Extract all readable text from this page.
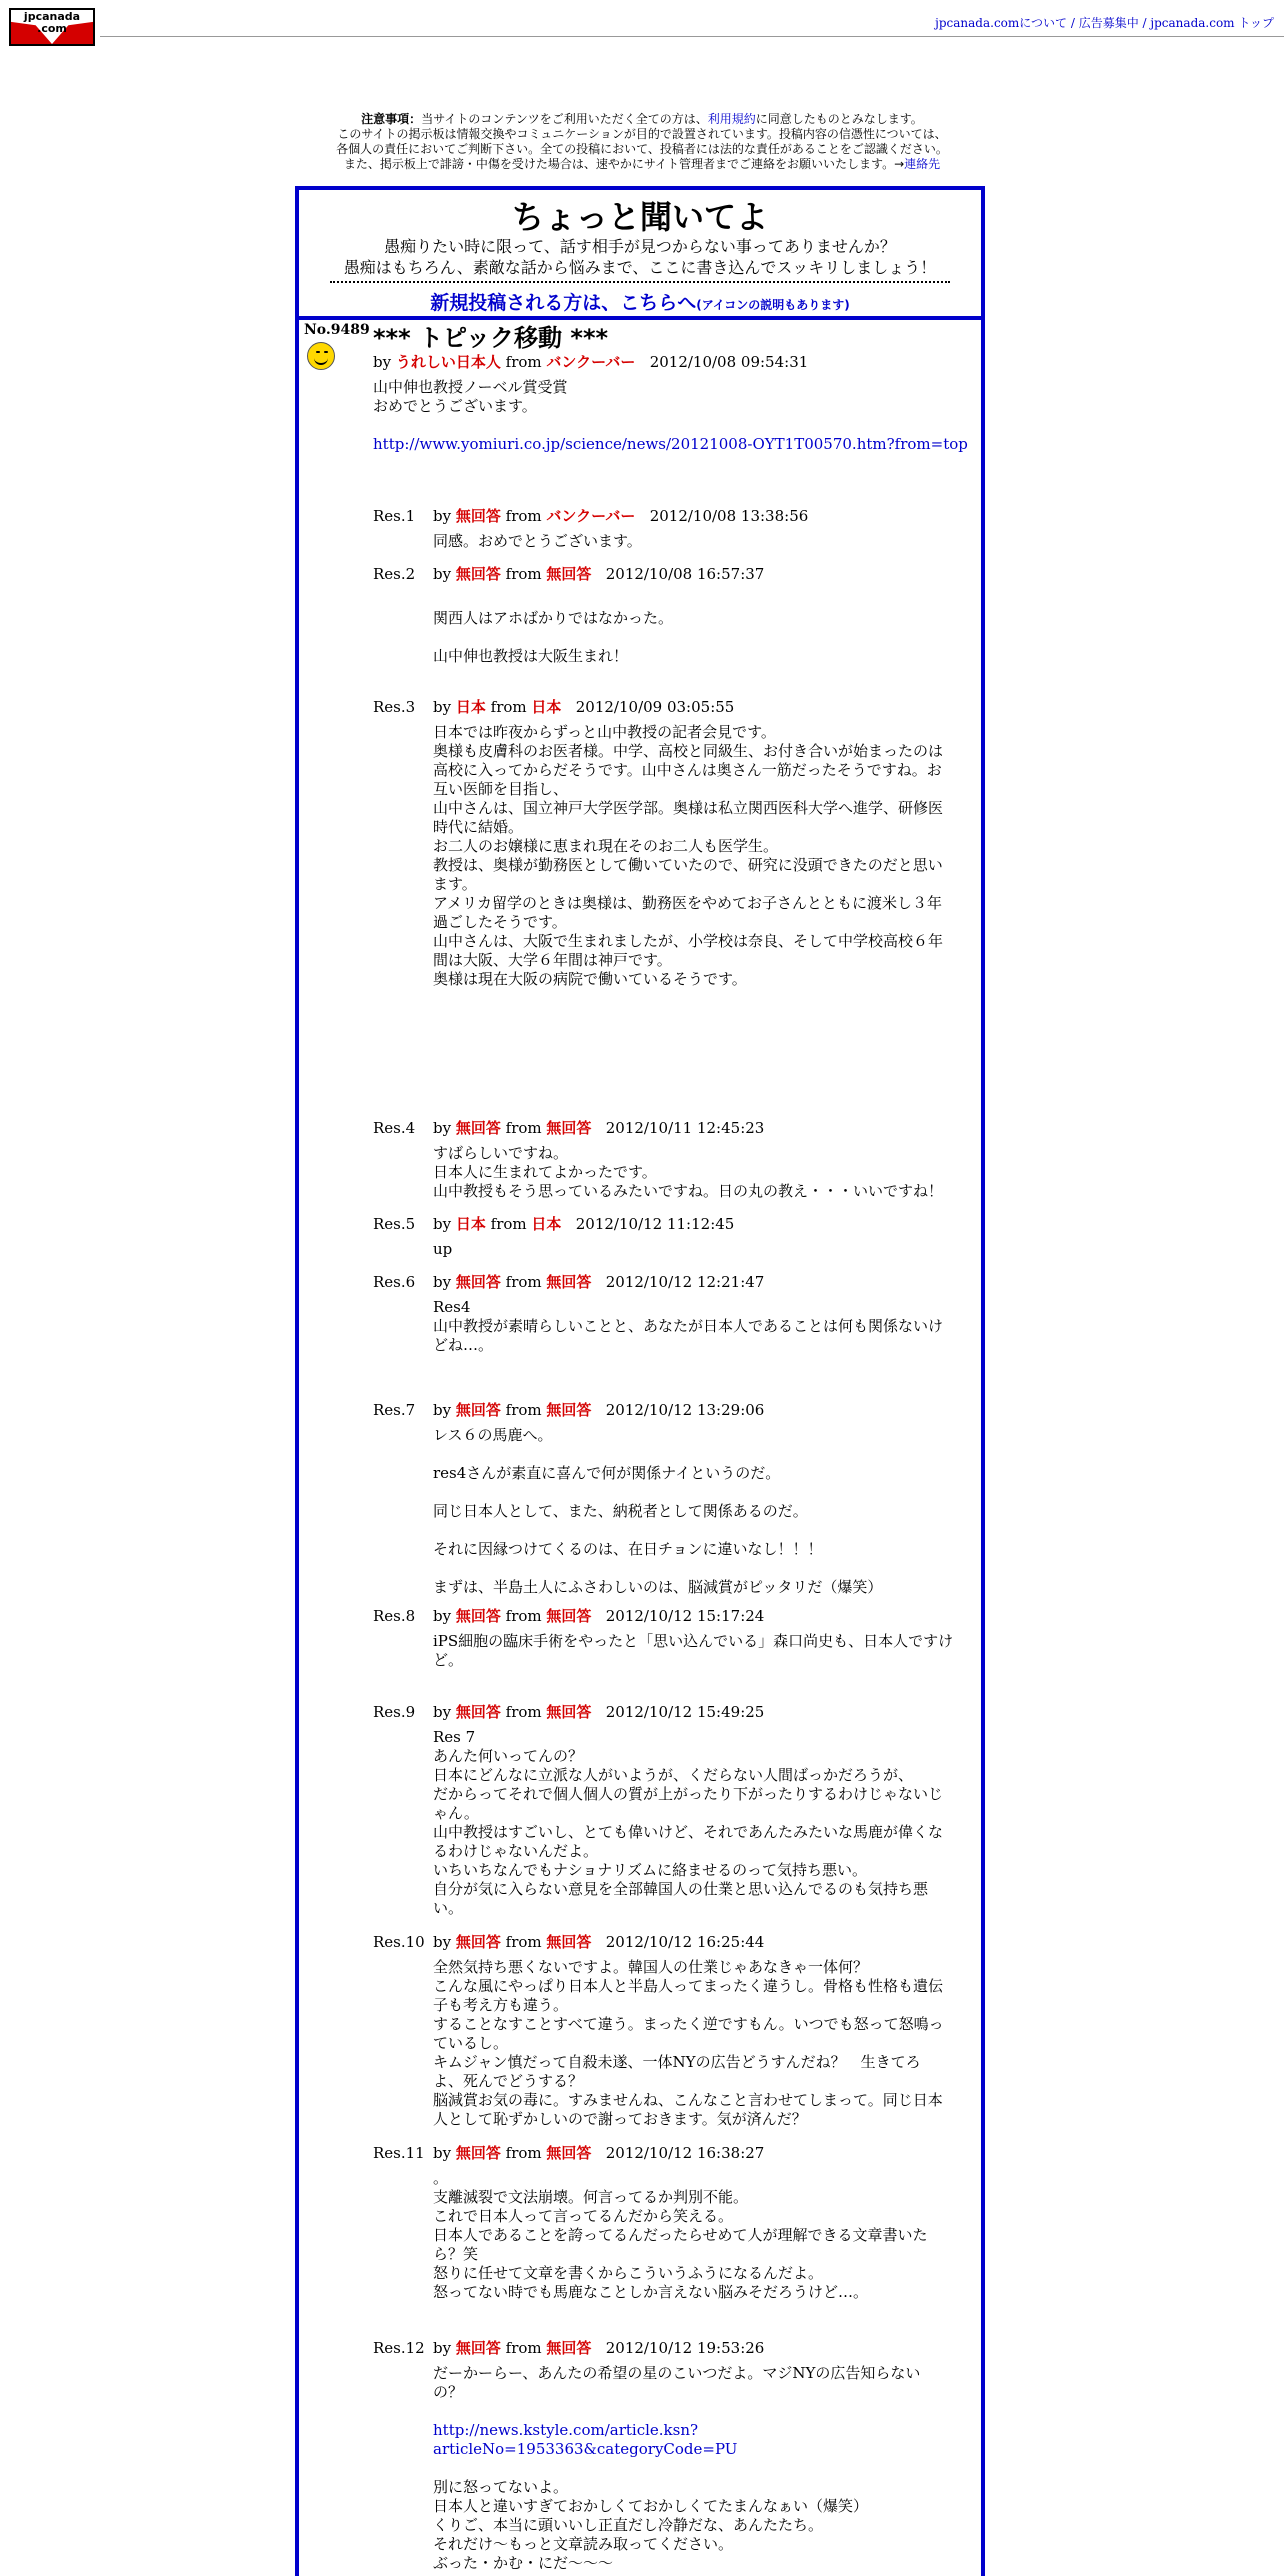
jpcanada
.com	jpcanada.comについて / 広告募集中 / jpcanada.com トップ
注意事項：当サイトのコンテンツをご利用いただく全ての方は、利用規約に同意したものとみなします。
このサイトの掲示板は情報交換やコミュニケーションが目的で設置されています。投稿内容の信憑性については、
各個人の責任においてご判断下さい。全ての投稿において、投稿者には法的な責任があることをご認識ください。
また、掲示板上で誹謗・中傷を受けた場合は、速やかにサイト管理者までご連絡をお願いいたします。→連絡先
ちょっと聞いてよ
愚痴りたい時に限って、話す相手が見つからない事ってありませんか？
愚痴はもちろん、素敵な話から悩みまで、ここに書き込んでスッキリしましょう！
新規投稿される方は、こちらへ(アイコンの説明もあります)
No.9489 *** トピック移動 ***
by うれしい日本人 from バンクーバー 2012/10/08 09:54:31
山中伸也教授ノーベル賞受賞
おめでとうございます。
http://www.yomiuri.co.jp/science/news/20121008-OYT1T00570.htm?from=top
Res.1 by 無回答 from バンクーバー 2012/10/08 13:38:56
同感。おめでとうございます。
Res.2 by 無回答 from 無回答 2012/10/08 16:57:37

関西人はアホばかりではなかった。

山中伸也教授は大阪生まれ！
Res.3 by 日本 from 日本 2012/10/09 03:05:55
日本では昨夜からずっと山中教授の記者会見です。
奥様も皮膚科のお医者様。中学、高校と同級生、お付き合いが始まったのは
高校に入ってからだそうです。山中さんは奥さん一筋だったそうですね。お
互い医師を目指し、
山中さんは、国立神戸大学医学部。奥様は私立関西医科大学へ進学、研修医
時代に結婚。
お二人のお嬢様に恵まれ現在そのお二人も医学生。
教授は、奥様が勤務医として働いていたので、研究に没頭できたのだと思い
ます。
アメリカ留学のときは奥様は、勤務医をやめてお子さんとともに渡米し３年
過ごしたそうです。
山中さんは、大阪で生まれましたが、小学校は奈良、そして中学校高校６年
間は大阪、大学６年間は神戸です。
奥様は現在大阪の病院で働いているそうです。
Res.4 by 無回答 from 無回答 2012/10/11 12:45:23
すばらしいですね。
日本人に生まれてよかったです。
山中教授もそう思っているみたいですね。日の丸の教え・・・いいですね！
Res.5 by 日本 from 日本 2012/10/12 11:12:45
up
Res.6 by 無回答 from 無回答 2012/10/12 12:21:47
Res4
山中教授が素晴らしいことと、あなたが日本人であることは何も関係ないけ
どね…。
Res.7 by 無回答 from 無回答 2012/10/12 13:29:06
レス６の馬鹿へ。

res4さんが素直に喜んで何が関係ナイというのだ。

同じ日本人として、また、納税者として関係あるのだ。

それに因縁つけてくるのは、在日チョンに違いなし！！！

まずは、半島土人にふさわしいのは、脳減賞がピッタリだ（爆笑）
Res.8 by 無回答 from 無回答 2012/10/12 15:17:24
iPS細胞の臨床手術をやったと「思い込んでいる」森口尚史も、日本人ですけ
ど。
Res.9 by 無回答 from 無回答 2012/10/12 15:49:25
Res 7
あんた何いってんの？
日本にどんなに立派な人がいようが、くだらない人間ばっかだろうが、
だからってそれで個人個人の質が上がったり下がったりするわけじゃないじ
ゃん。
山中教授はすごいし、とても偉いけど、それであんたみたいな馬鹿が偉くな
るわけじゃないんだよ。
いちいちなんでもナショナリズムに絡ませるのって気持ち悪い。
自分が気に入らない意見を全部韓国人の仕業と思い込んでるのも気持ち悪
い。
Res.10 by 無回答 from 無回答 2012/10/12 16:25:44
全然気持ち悪くないですよ。韓国人の仕業じゃあなきゃ一体何？
こんな風にやっぱり日本人と半島人ってまったく違うし。骨格も性格も遺伝
子も考え方も違う。
することなすことすべて違う。まったく逆ですもん。いつでも怒って怒鳴っ
ているし。
キムジャン慎だって自殺未遂、一体NYの広告どうすんだね？　生きてろ
よ、死んでどうする？
脳減賞お気の毒に。すみませんね、こんなこと言わせてしまって。同じ日本
人として恥ずかしいので謝っておきます。気が済んだ？
Res.11 by 無回答 from 無回答 2012/10/12 16:38:27
。
支離滅裂で文法崩壊。何言ってるか判別不能。
これで日本人って言ってるんだから笑える。
日本人であることを誇ってるんだったらせめて人が理解できる文章書いた
ら？笑
怒りに任せて文章を書くからこういうふうになるんだよ。
怒ってない時でも馬鹿なことしか言えない脳みそだろうけど…。
Res.12 by 無回答 from 無回答 2012/10/12 19:53:26
だーかーらー、あんたの希望の星のこいつだよ。マジNYの広告知らない
の？
http://news.kstyle.com/article.ksn?articleNo=1953363&categoryCode=PU
別に怒ってないよ。
日本人と違いすぎておかしくておかしくてたまんなぁい（爆笑）
くりご、本当に頭いいし正直だし冷静だな、あんたたち。
それだけ～もっと文章読み取ってください。
ぶった・かむ・にだ～～～
